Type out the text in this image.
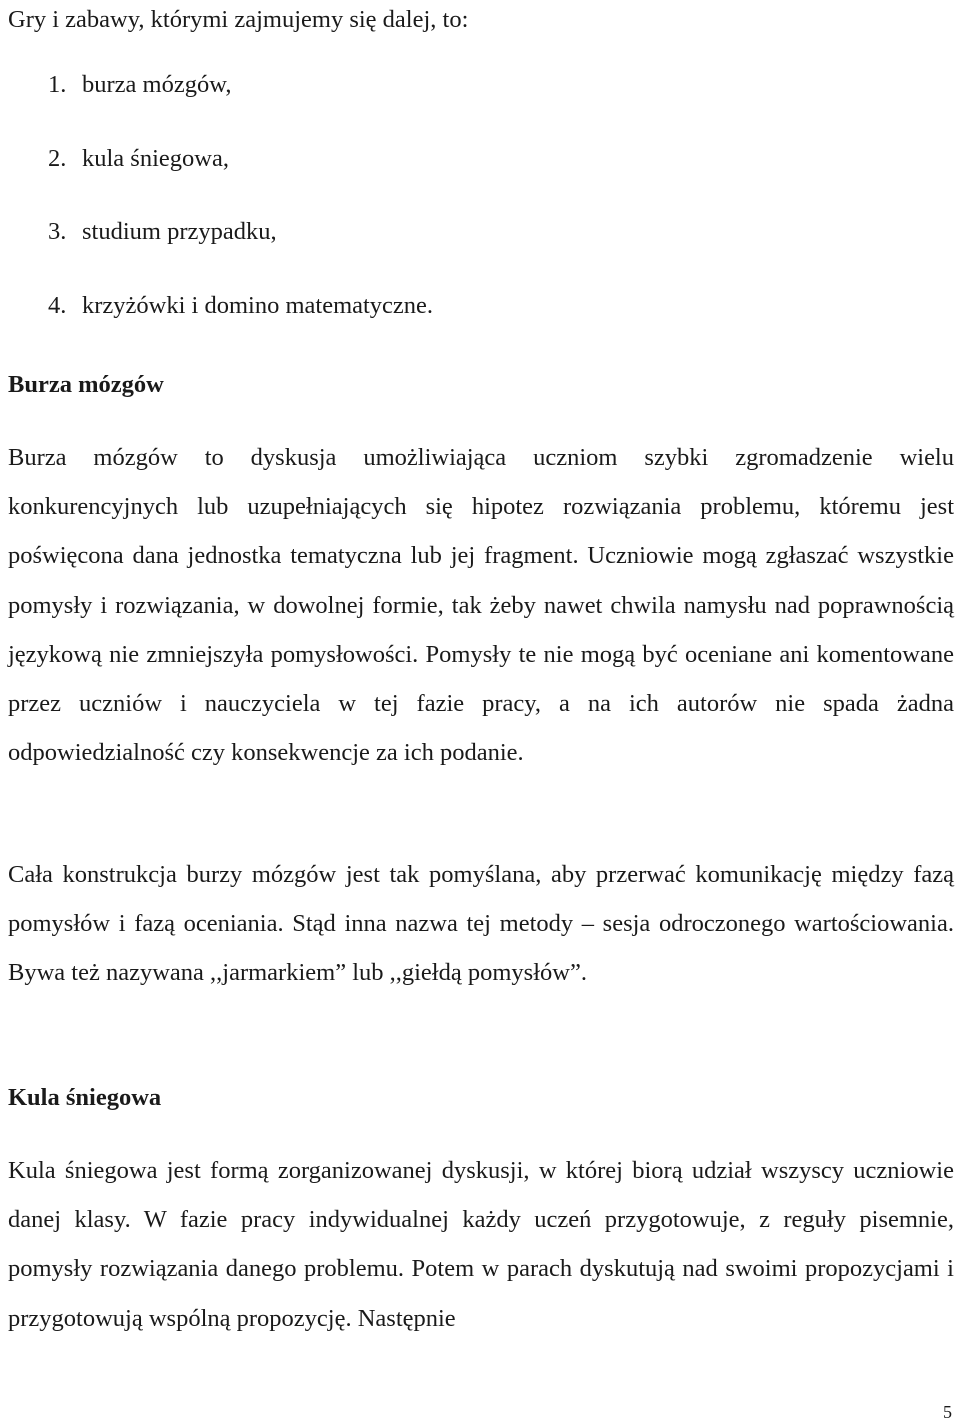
Gry i zabawy, którymi zajmujemy się dalej, to:
1. burza mózgów,
2. kula śniegowa,
3. studium przypadku,
4. krzyżówki i domino matematyczne.
Burza mózgów

Burza mózgów to dyskusja umożliwiająca uczniom szybki zgromadzenie wielu konkurencyjnych lub uzupełniających się hipotez rozwiązania problemu, któremu jest poświęcona dana jednostka tematyczna lub jej fragment. Uczniowie mogą zgłaszać wszystkie pomysły i rozwiązania, w dowolnej formie, tak żeby nawet chwila namysłu nad poprawnością językową nie zmniejszyła pomysłowości. Pomysły te nie mogą być oceniane ani komentowane przez uczniów i nauczyciela w tej fazie pracy, a na ich autorów nie spada żadna odpowiedzialność czy konsekwencje za ich podanie.

Cała konstrukcja burzy mózgów jest tak pomyślana, aby przerwać komunikację między fazą pomysłów i fazą oceniania. Stąd inna nazwa tej metody – sesja odroczonego wartościowania. Bywa też nazywana ,,jarmarkiem” lub ,,giełdą pomysłów”.

Kula śniegowa

Kula śniegowa jest formą zorganizowanej dyskusji, w której biorą udział wszyscy uczniowie danej klasy. W fazie pracy indywidualnej każdy uczeń przygotowuje, z reguły pisemnie, pomysły rozwiązania danego problemu. Potem w parach dyskutują nad swoimi propozycjami i przygotowują wspólną propozycję. Następnie

5
